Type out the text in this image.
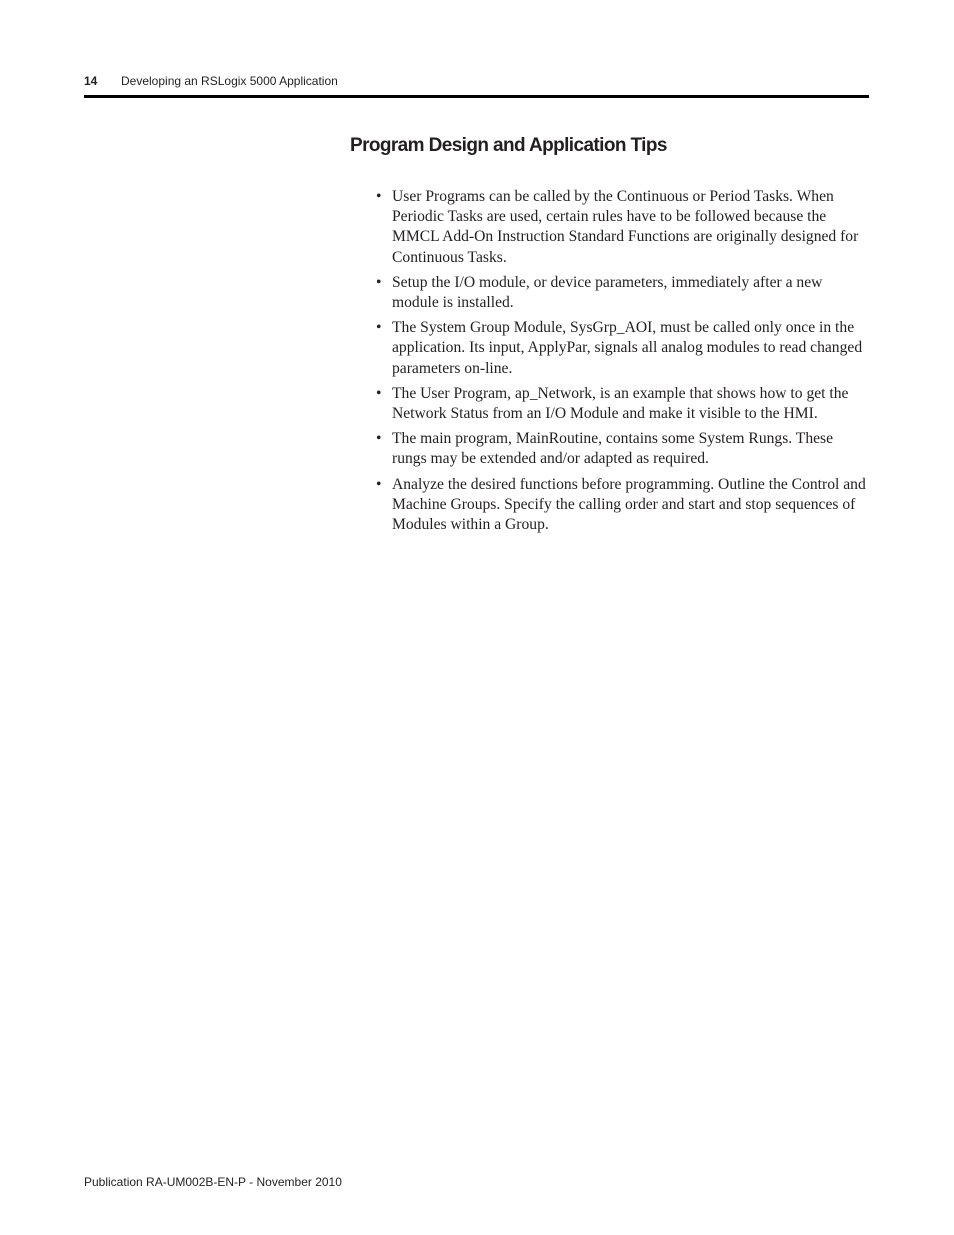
14 Developing an RSLogix 5000 Application
Program Design and Application Tips
• User Programs can be called by the Continuous or Period Tasks. When Periodic Tasks are used, certain rules have to be followed because the MMCL Add-On Instruction Standard Functions are originally designed for Continuous Tasks.
• Setup the I/O module, or device parameters, immediately after a new module is installed.
• The System Group Module, SysGrp_AOI, must be called only once in the application. Its input, ApplyPar, signals all analog modules to read changed parameters on-line.
• The User Program, ap_Network, is an example that shows how to get the Network Status from an I/O Module and make it visible to the HMI.
• The main program, MainRoutine, contains some System Rungs. These rungs may be extended and/or adapted as required.
• Analyze the desired functions before programming. Outline the Control and Machine Groups. Specify the calling order and start and stop sequences of Modules within a Group.
Publication RA-UM002B-EN-P - November 2010
